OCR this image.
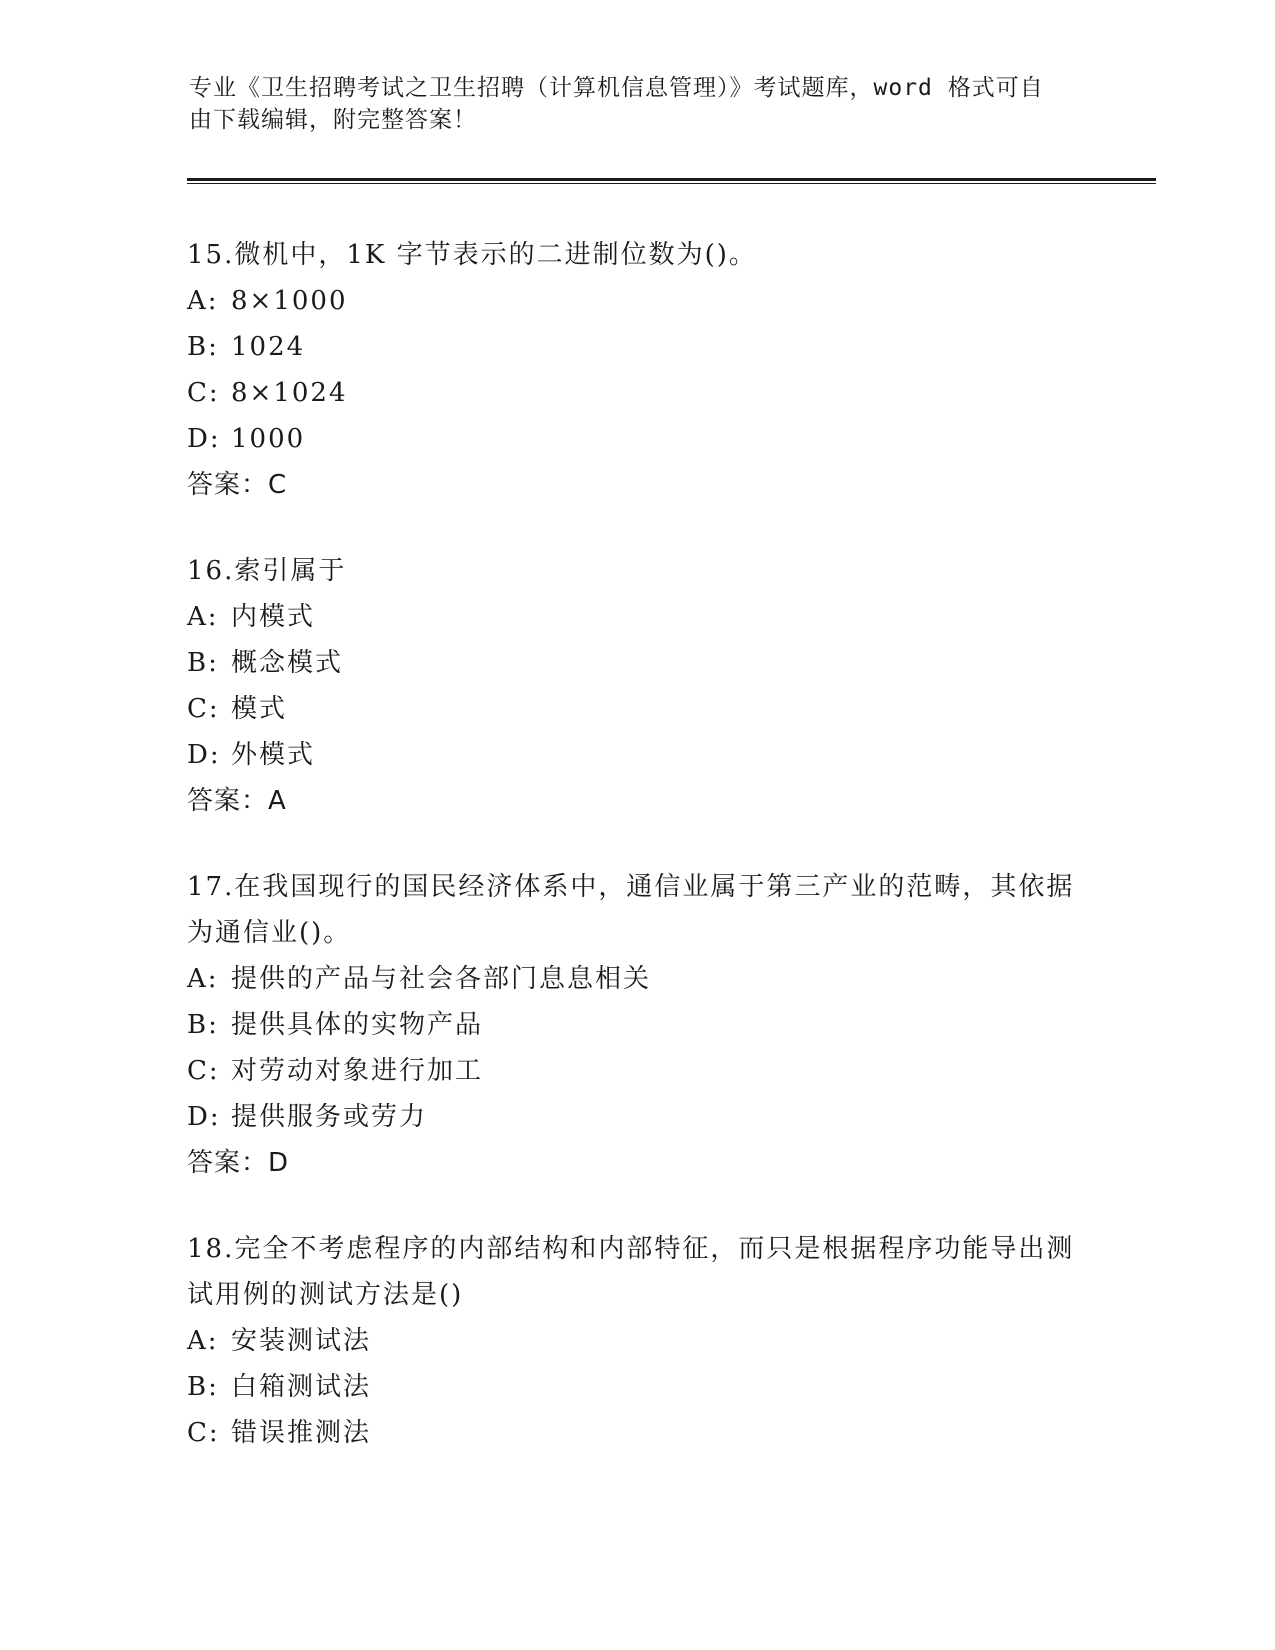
专业《卫生招聘考试之卫生招聘（计算机信息管理）》考试题库，word 格式可自
由下载编辑，附完整答案！
15.微机中，1K 字节表示的二进制位数为()。
A: 8×1000
B: 1024
C: 8×1024
D: 1000
答案：C
16.索引属于
A: 内模式
B: 概念模式
C: 模式
D: 外模式
答案：A
17.在我国现行的国民经济体系中，通信业属于第三产业的范畴，其依据为通信业()。
A: 提供的产品与社会各部门息息相关
B: 提供具体的实物产品
C: 对劳动对象进行加工
D: 提供服务或劳力
答案：D
18.完全不考虑程序的内部结构和内部特征，而只是根据程序功能导出测试用例的测试方法是()
A: 安装测试法
B: 白箱测试法
C: 错误推测法
